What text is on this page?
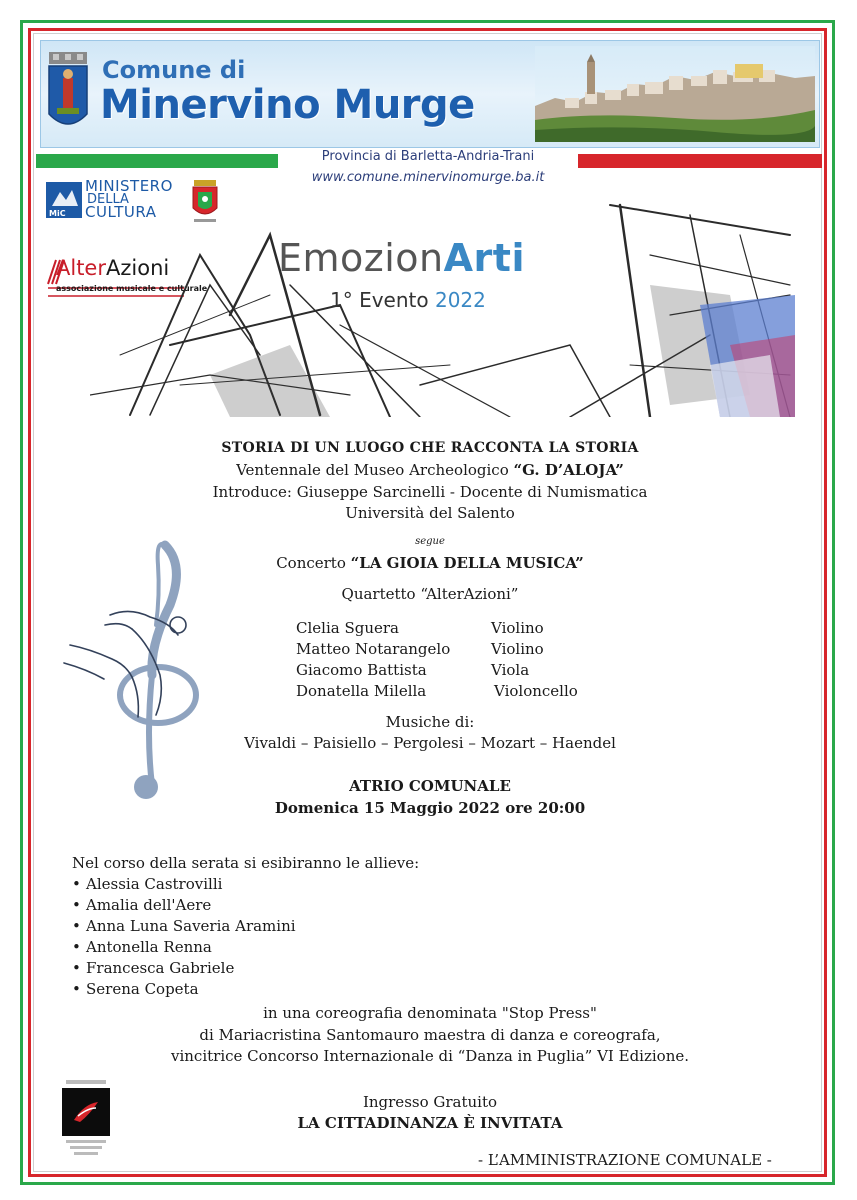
Comune di
Minervino Murge
Provincia di Barletta-Andria-Trani
www.comune.minervinomurge.ba.it
MiC
MINISTERO
DELLA
CULTURA
AlterAzioni
associazione musicale e culturale
EmozionArti
1° Evento 2022
STORIA DI UN LUOGO CHE RACCONTA LA STORIA
Ventennale del Museo Archeologico “G. D’ALOJA”
Introduce: Giuseppe Sarcinelli - Docente di Numismatica
Università del Salento
segue
Concerto “LA GIOIA DELLA MUSICA”
Quartetto “AlterAzioni”
Clelia Sguera	Violino
Matteo Notarangelo	Violino
Giacomo Battista	Viola
Donatella Milella	Violoncello
Musiche di:
Vivaldi – Paisiello – Pergolesi – Mozart – Haendel
ATRIO COMUNALE
Domenica 15 Maggio 2022 ore 20:00
Nel corso della serata si esibiranno le allieve:
• Alessia Castrovilli
• Amalia dell'Aere
• Anna Luna Saveria Aramini
• Antonella Renna
• Francesca Gabriele
• Serena Copeta
in una coreografia denominata "Stop Press"
di Mariacristina Santomauro maestra di danza e coreografa,
vincitrice Concorso Internazionale di “Danza in Puglia” VI Edizione.
Ingresso Gratuito
LA CITTADINANZA È INVITATA
- L’AMMINISTRAZIONE COMUNALE -
